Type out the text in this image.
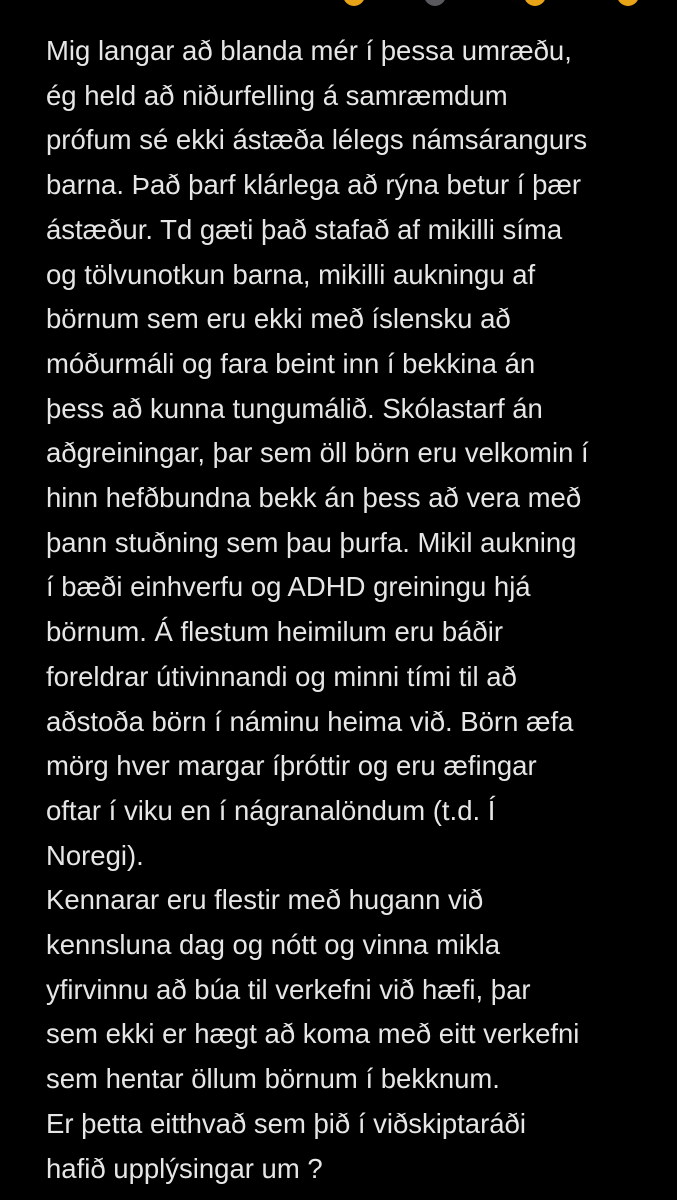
Mig langar að blanda mér í þessa umræðu,
ég held að niðurfelling á samræmdum
prófum sé ekki ástæða lélegs námsárangurs
barna. Það þarf klárlega að rýna betur í þær
ástæður. Td gæti það stafað af mikilli síma
og tölvunotkun barna, mikilli aukningu af
börnum sem eru ekki með íslensku að
móðurmáli og fara beint inn í bekkina án
þess að kunna tungumálið. Skólastarf án
aðgreiningar, þar sem öll börn eru velkomin í
hinn hefðbundna bekk án þess að vera með
þann stuðning sem þau þurfa. Mikil aukning
í bæði einhverfu og ADHD greiningu hjá
börnum. Á flestum heimilum eru báðir
foreldrar útivinnandi og minni tími til að
aðstoða börn í náminu heima við. Börn æfa
mörg hver margar íþróttir og eru æfingar
oftar í viku en í nágranalöndum (t.d. Í
Noregi).

Kennarar eru flestir með hugann við
kennsluna dag og nótt og vinna mikla
yfirvinnu að búa til verkefni við hæfi, þar
sem ekki er hægt að koma með eitt verkefni
sem hentar öllum börnum í bekknum.

Er þetta eitthvað sem þið í viðskiptaráði
hafið upplýsingar um ?
